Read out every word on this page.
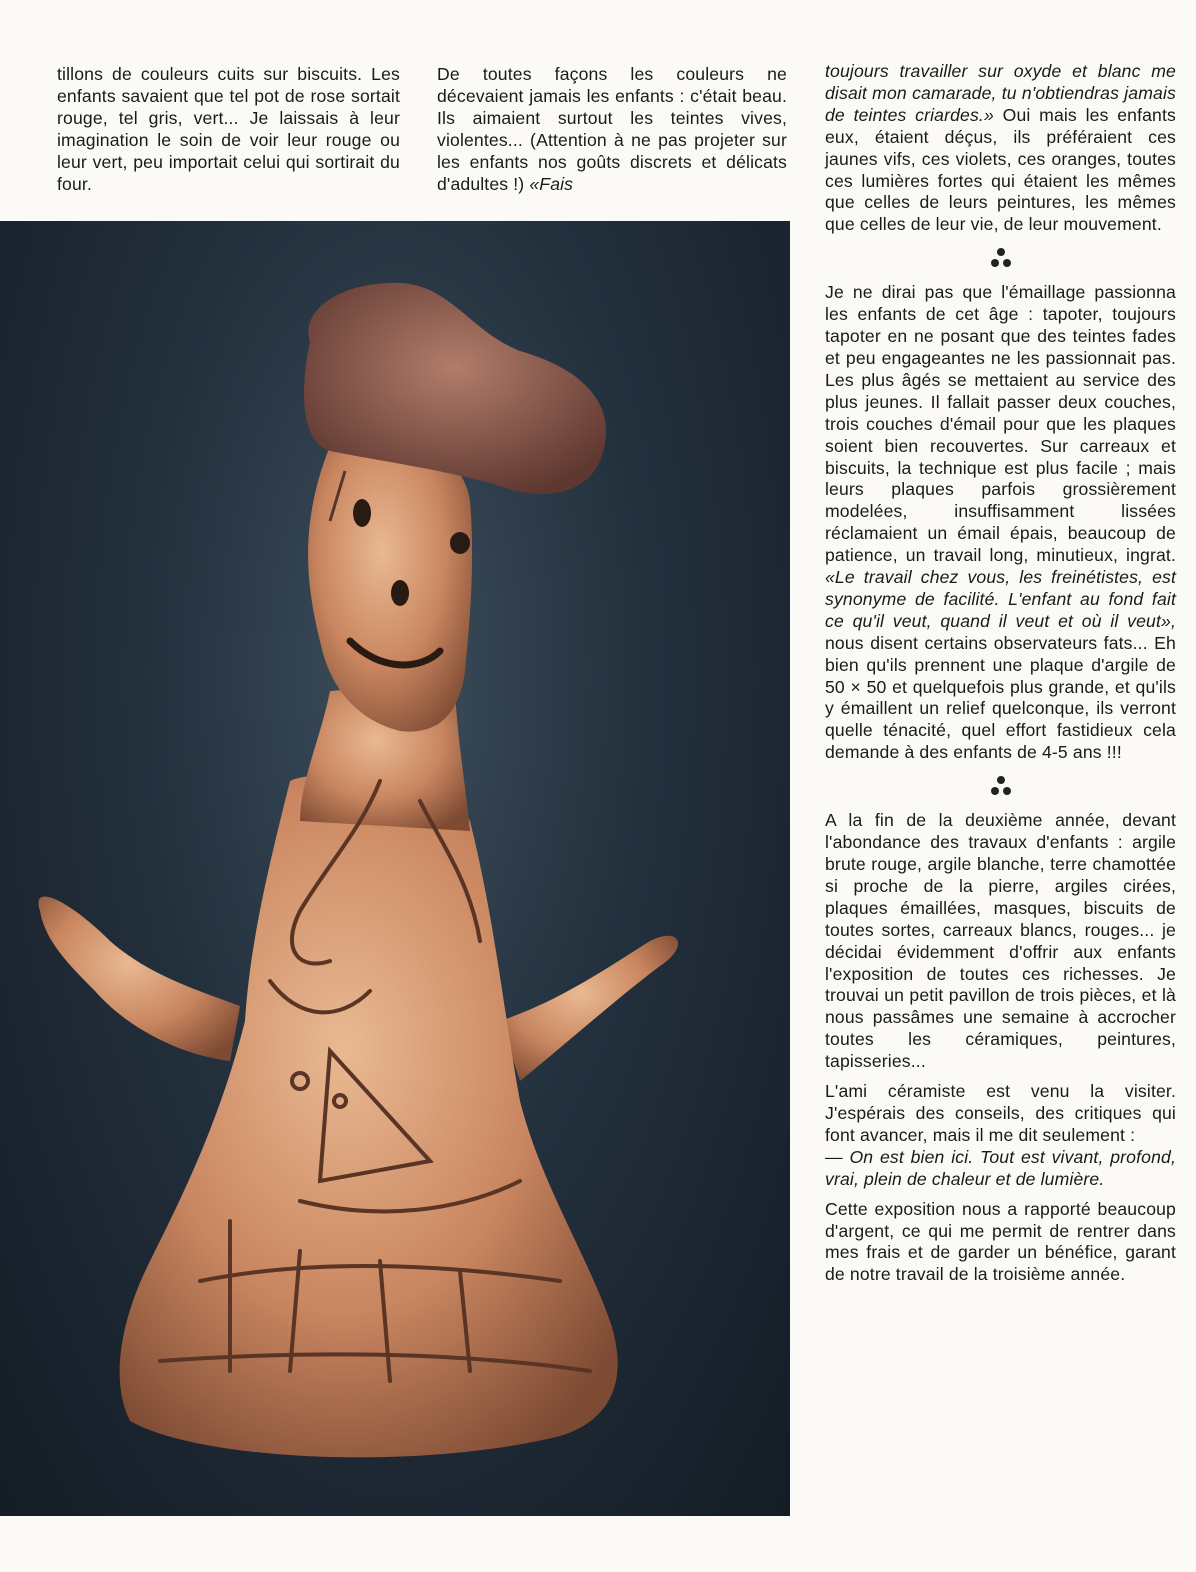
tillons de couleurs cuits sur biscuits. Les enfants savaient que tel pot de rose sortait rouge, tel gris, vert... Je laissais à leur imagination le soin de voir leur rouge ou leur vert, peu importait celui qui sortirait du four.

De toutes façons les couleurs ne décevaient jamais les enfants : c'était beau. Ils aimaient surtout les teintes vives, violentes... (Attention à ne pas projeter sur les enfants nos goûts discrets et délicats d'adultes !) «Fais

toujours travailler sur oxyde et blanc me disait mon camarade, tu n'obtiendras jamais de teintes criardes.» Oui mais les enfants eux, étaient déçus, ils préféraient ces jaunes vifs, ces violets, ces oranges, toutes ces lumières fortes qui étaient les mêmes que celles de leurs peintures, les mêmes que celles de leur vie, de leur mouvement.

Je ne dirai pas que l'émaillage passionna les enfants de cet âge : tapoter, toujours tapoter en ne posant que des teintes fades et peu engageantes ne les passionnait pas. Les plus âgés se mettaient au service des plus jeunes. Il fallait passer deux couches, trois couches d'émail pour que les plaques soient bien recouvertes. Sur carreaux et biscuits, la technique est plus facile ; mais leurs plaques parfois grossièrement modelées, insuffisamment lissées réclamaient un émail épais, beaucoup de patience, un travail long, minutieux, ingrat. «Le travail chez vous, les freinétistes, est synonyme de facilité. L'enfant au fond fait ce qu'il veut, quand il veut et où il veut», nous disent certains observateurs fats... Eh bien qu'ils prennent une plaque d'argile de 50 × 50 et quelquefois plus grande, et qu'ils y émaillent un relief quelconque, ils verront quelle ténacité, quel effort fastidieux cela demande à des enfants de 4-5 ans !!!

A la fin de la deuxième année, devant l'abondance des travaux d'enfants : argile brute rouge, argile blanche, terre chamottée si proche de la pierre, argiles cirées, plaques émaillées, masques, biscuits de toutes sortes, carreaux blancs, rouges... je décidai évidemment d'offrir aux enfants l'exposition de toutes ces richesses. Je trouvai un petit pavillon de trois pièces, et là nous passâmes une semaine à accrocher toutes les céramiques, peintures, tapisseries...

L'ami céramiste est venu la visiter. J'espérais des conseils, des critiques qui font avancer, mais il me dit seulement :

— On est bien ici. Tout est vivant, profond, vrai, plein de chaleur et de lumière.

Cette exposition nous a rapporté beaucoup d'argent, ce qui me permit de rentrer dans mes frais et de garder un bénéfice, garant de notre travail de la troisième année.
